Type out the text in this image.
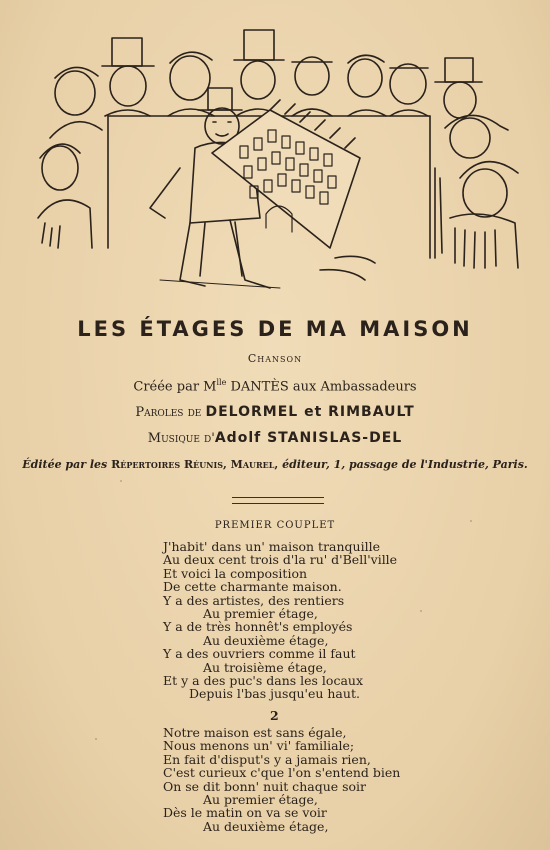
LES ÉTAGES DE MA MAISON
Chanson
Créée par $M^{lle}$ DANTÈS aux Ambassadeurs
Paroles de DELORMEL et RIMBAULT
Musique d'Adolf STANISLAS-DEL
Éditée par les Répertoires Réunis, Maurel, éditeur, 1, passage de l'Industrie, Paris.
PREMIER COUPLET
J'habit' dans un' maison tranquille
Au deux cent trois d'la ru' d'Bell'ville
Et voici la composition
De cette charmante maison.
Y a des artistes, des rentiers
Au premier étage,
Y a de très honnêt's employés
Au deuxième étage,
Y a des ouvriers comme il faut
Au troisième étage,
Et y a des puc's dans les locaux
Depuis l'bas jusqu'eu haut.
2
Notre maison est sans égale,
Nous menons un' vi' familiale;
En fait d'disput's y a jamais rien,
C'est curieux c'que l'on s'entend bien
On se dit bonn' nuit chaque soir
Au premier étage,
Dès le matin on va se voir
Au deuxième étage,
